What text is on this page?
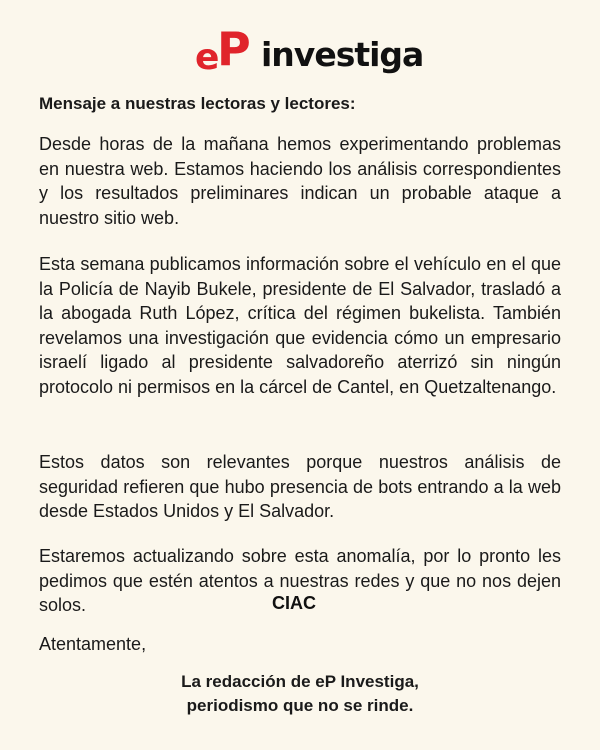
e P investiga

Mensaje a nuestras lectoras y lectores:

Desde horas de la mañana hemos experimentando problemas en nuestra web. Estamos haciendo los análisis correspondientes y los resultados preliminares indican un probable ataque a nuestro sitio web.

Esta semana publicamos información sobre el vehículo en el que la Policía de Nayib Bukele, presidente de El Salvador, trasladó a la abogada Ruth López, crítica del régimen bukelista. También revelamos una investigación que evidencia cómo un empresario israelí ligado al presidente salvadoreño aterrizó sin ningún protocolo ni permisos en la cárcel de Cantel, en Quetzaltenango.

Estos datos son relevantes porque nuestros análisis de seguridad refieren que hubo presencia de bots entrando a la web desde Estados Unidos y El Salvador.

Estaremos actualizando sobre esta anomalía, por lo pronto les pedimos que estén atentos a nuestras redes y que no nos dejen solos.	CIAC

Atentamente,

La redacción de eP Investiga,
periodismo que no se rinde.
